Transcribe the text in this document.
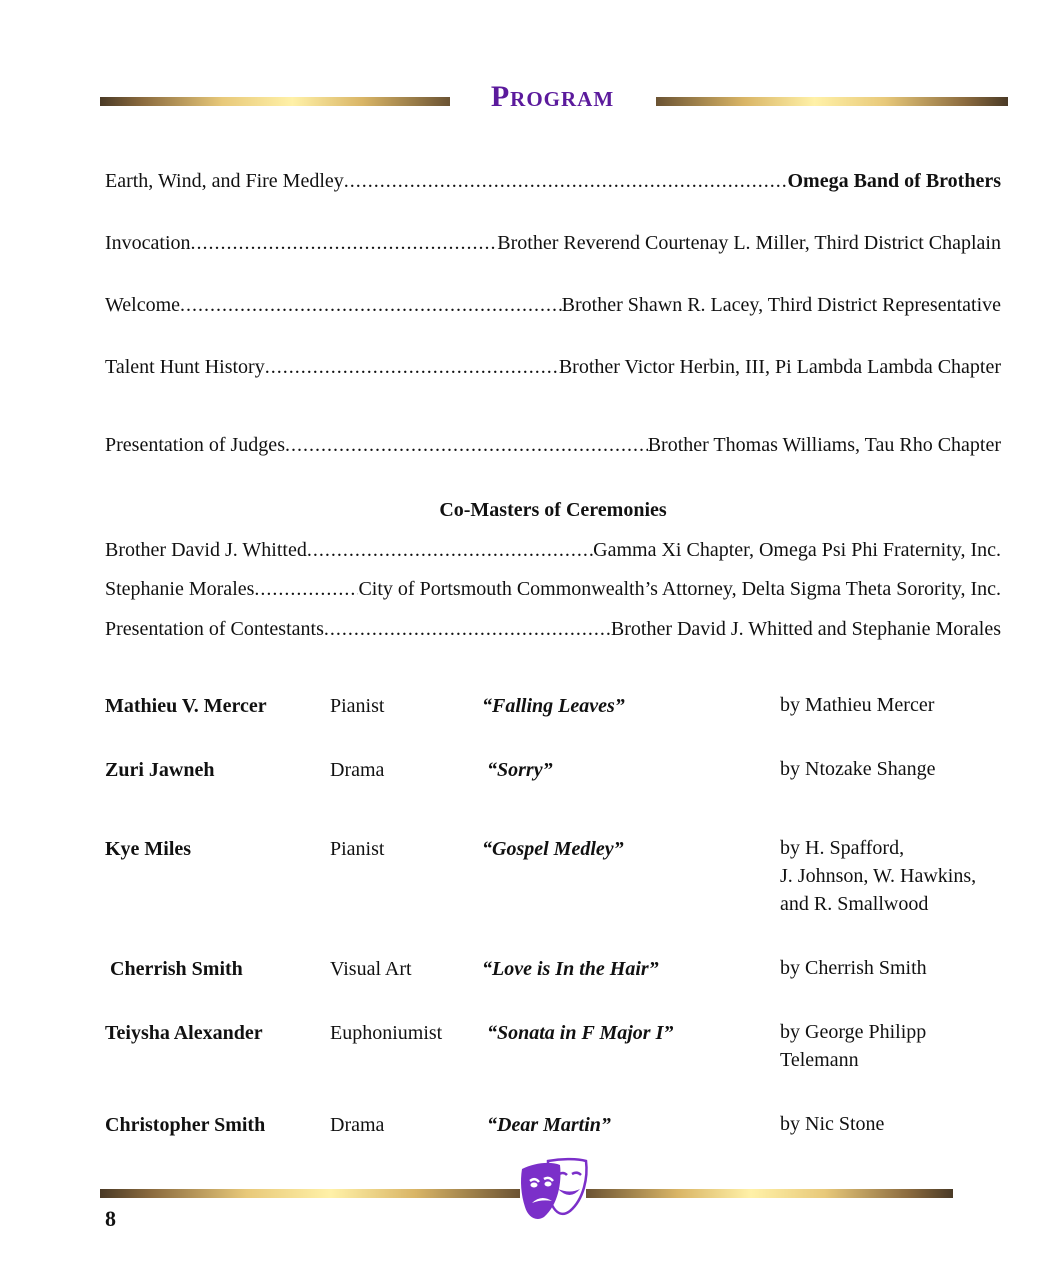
Program
Earth, Wind, and Fire Medley . . .	Omega Band of Brothers
Invocation . . .	Brother Reverend Courtenay L. Miller, Third District Chaplain
Welcome . . .	Brother Shawn R. Lacey, Third District Representative
Talent Hunt History . . .	Brother Victor Herbin, III, Pi Lambda Lambda Chapter
Presentation of Judges . . .	Brother Thomas Williams, Tau Rho Chapter
Co-Masters of Ceremonies
Brother David J. Whitted . . .	Gamma Xi Chapter, Omega Psi Phi Fraternity, Inc.
Stephanie Morales . . .	City of Portsmouth Commonwealth’s Attorney, Delta Sigma Theta Sorority, Inc.
Presentation of Contestants . . .	Brother David J. Whitted and Stephanie Morales
Mathieu V. Mercer	Pianist	“Falling Leaves”	by Mathieu Mercer
Zuri Jawneh	Drama	“Sorry”	by Ntozake Shange
Kye Miles	Pianist	“Gospel Medley”	by H. Spafford,
J. Johnson, W. Hawkins,
and R. Smallwood
Cherrish Smith	Visual Art	“Love is In the Hair”	by Cherrish Smith
Teiysha Alexander	Euphoniumist “Sonata in F Major I”	by George Philipp
Telemann
Christopher Smith	Drama	“Dear Martin”	by Nic Stone
8
